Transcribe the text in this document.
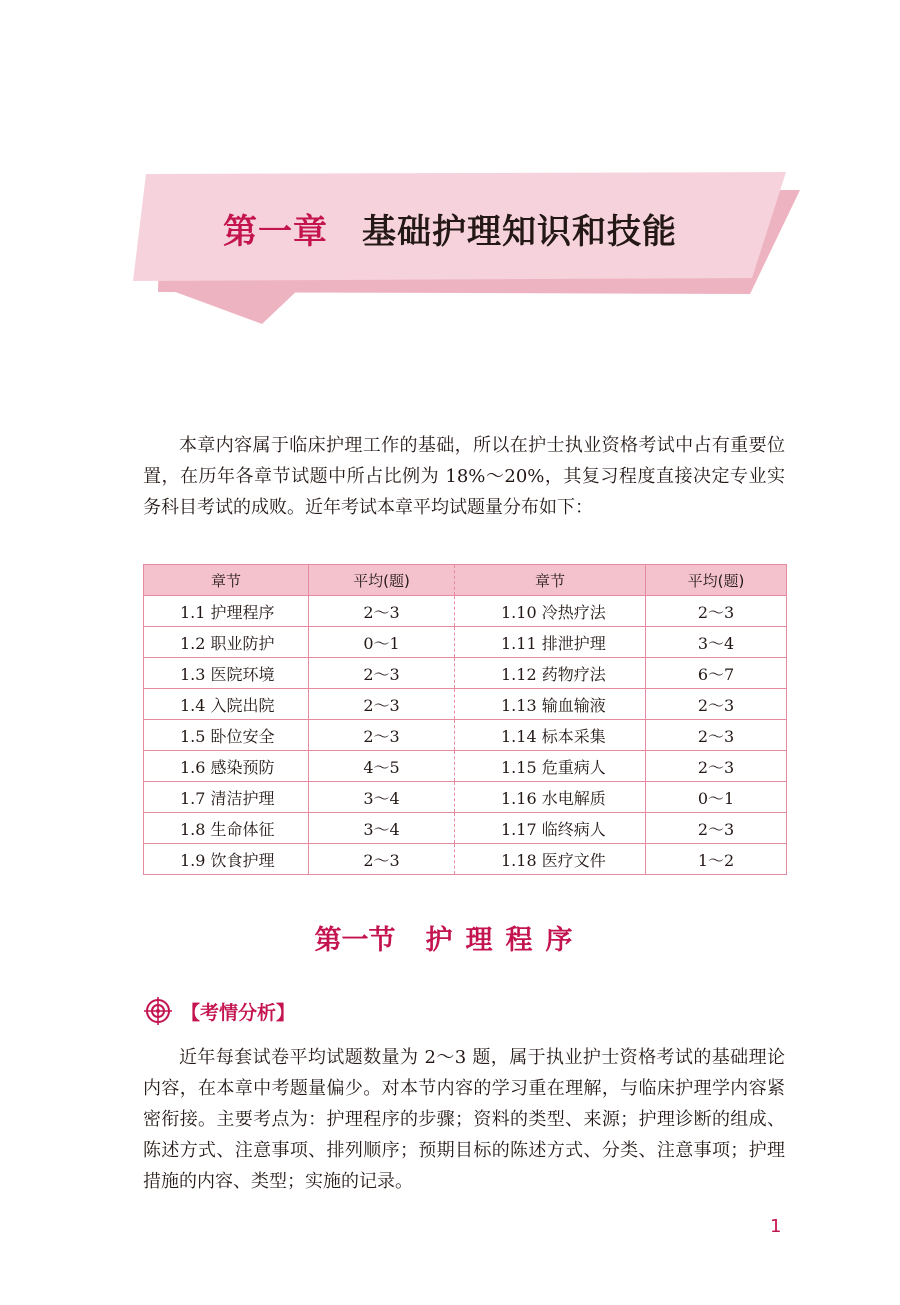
第一章 基础护理知识和技能

本章内容属于临床护理工作的基础，所以在护士执业资格考试中占有重要位置，在历年各章节试题中所占比例为 18%～20%，其复习程度直接决定专业实务科目考试的成败。近年考试本章平均试题量分布如下：

章节	平均(题)	章节	平均(题)
1.1 护理程序	2～3	1.10 冷热疗法	2～3
1.2 职业防护	0～1	1.11 排泄护理	3～4
1.3 医院环境	2～3	1.12 药物疗法	6～7
1.4 入院出院	2～3	1.13 输血输液	2～3
1.5 卧位安全	2～3	1.14 标本采集	2～3
1.6 感染预防	4～5	1.15 危重病人	2～3
1.7 清洁护理	3～4	1.16 水电解质	0～1
1.8 生命体征	3～4	1.17 临终病人	2～3
1.9 饮食护理	2～3	1.18 医疗文件	1～2
第一节 护理程序
【考情分析】

近年每套试卷平均试题数量为 2～3 题，属于执业护士资格考试的基础理论内容，在本章中考题量偏少。对本节内容的学习重在理解，与临床护理学内容紧密衔接。主要考点为：护理程序的步骤；资料的类型、来源；护理诊断的组成、陈述方式、注意事项、排列顺序；预期目标的陈述方式、分类、注意事项；护理措施的内容、类型；实施的记录。

1
